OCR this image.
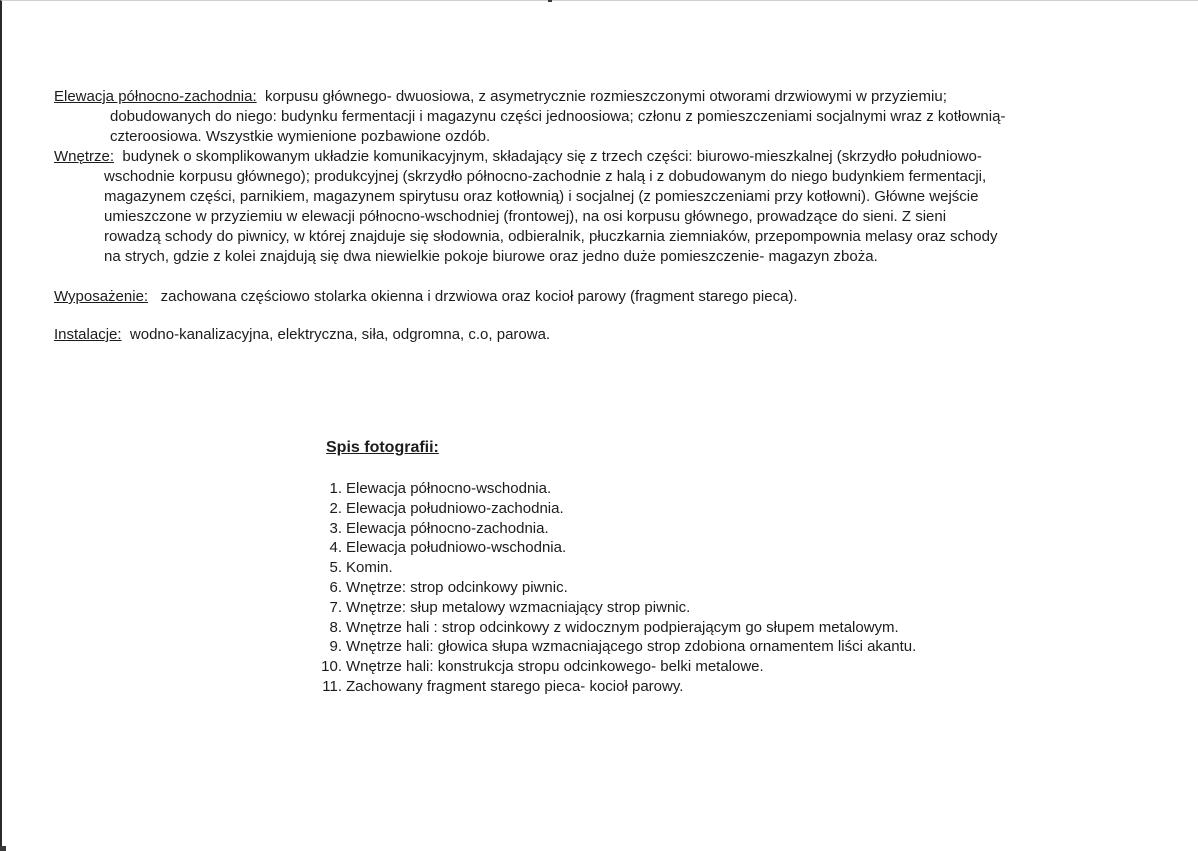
Elewacja północno-zachodnia: korpusu głównego- dwuosiowa, z asymetrycznie rozmieszczonymi otworami drzwiowymi w przyziemiu;
dobudowanych do niego: budynku fermentacji i magazynu części jednoosiowa; członu z pomieszczeniami socjalnymi wraz z kotłownią-
czteroosiowa. Wszystkie wymienione pozbawione ozdób.
Wnętrze: budynek o skomplikowanym układzie komunikacyjnym, składający się z trzech części: biurowo-mieszkalnej (skrzydło południowo-
wschodnie korpusu głównego); produkcyjnej (skrzydło północno-zachodnie z halą i z dobudowanym do niego budynkiem fermentacji,
magazynem części, parnikiem, magazynem spirytusu oraz kotłownią) i socjalnej (z pomieszczeniami przy kotłowni). Główne wejście
umieszczone w przyziemiu w elewacji północno-wschodniej (frontowej), na osi korpusu głównego, prowadzące do sieni. Z sieni
rowadzą schody do piwnicy, w której znajduje się słodownia, odbieralnik, płuczkarnia ziemniaków, przepompownia melasy oraz schody
na strych, gdzie z kolei znajdują się dwa niewielkie pokoje biurowe oraz jedno duże pomieszczenie- magazyn zboża.
Wyposażenie: zachowana częściowo stolarka okienna i drzwiowa oraz kocioł parowy (fragment starego pieca).
Instalacje: wodno-kanalizacyjna, elektryczna, siła, odgromna, c.o, parowa.
Spis fotografii:
1. Elewacja północno-wschodnia.
2. Elewacja południowo-zachodnia.
3. Elewacja północno-zachodnia.
4. Elewacja południowo-wschodnia.
5. Komin.
6. Wnętrze: strop odcinkowy piwnic.
7. Wnętrze: słup metalowy wzmacniający strop piwnic.
8. Wnętrze hali : strop odcinkowy z widocznym podpierającym go słupem metalowym.
9. Wnętrze hali: głowica słupa wzmacniającego strop zdobiona ornamentem liści akantu.
10. Wnętrze hali: konstrukcja stropu odcinkowego- belki metalowe.
11. Zachowany fragment starego pieca- kocioł parowy.
